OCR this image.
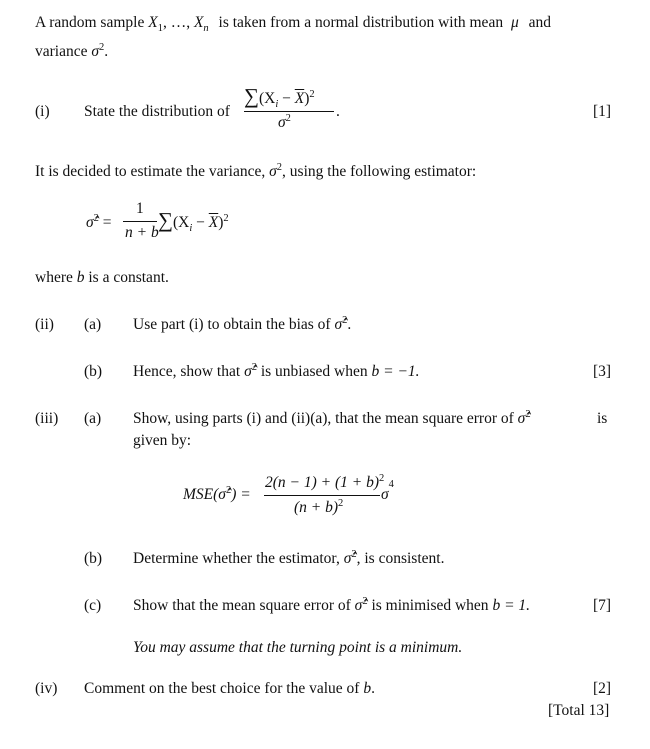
A random sample $X_1$, …, $X_n$ is taken from a normal distribution with mean μ and
variance $\sigma^2$.
(i) State the distribution of
$\sum(X_i - \overline{X})^2$
$\sigma^2$	.	[1]
It is decided to estimate the variance, $\sigma^2$, using the following estimator:
σ̂$^2$ =
1
n + b
$\sum(X_i - \overline{X})^2$
where b is a constant.
(ii) (a) Use part (i) to obtain the bias of σ̂$^2$.
(b) Hence, show that σ̂$^2$ is unbiased when b = −1.	[3]
(iii) (a) Show, using parts (i) and (ii)(a), that the mean square error of σ̂$^2$	is
given by:
MSE(σ̂$^2$) =
$2(n - 1) + (1 + b)^2$
$(n + b)^2$
$\sigma^4$
(b) Determine whether the estimator, σ̂$^2$, is consistent.
(c) Show that the mean square error of σ̂$^2$ is minimised when b = 1.	[7]
You may assume that the turning point is a minimum.
(iv) Comment on the best choice for the value of b.	[2]
[Total 13]
